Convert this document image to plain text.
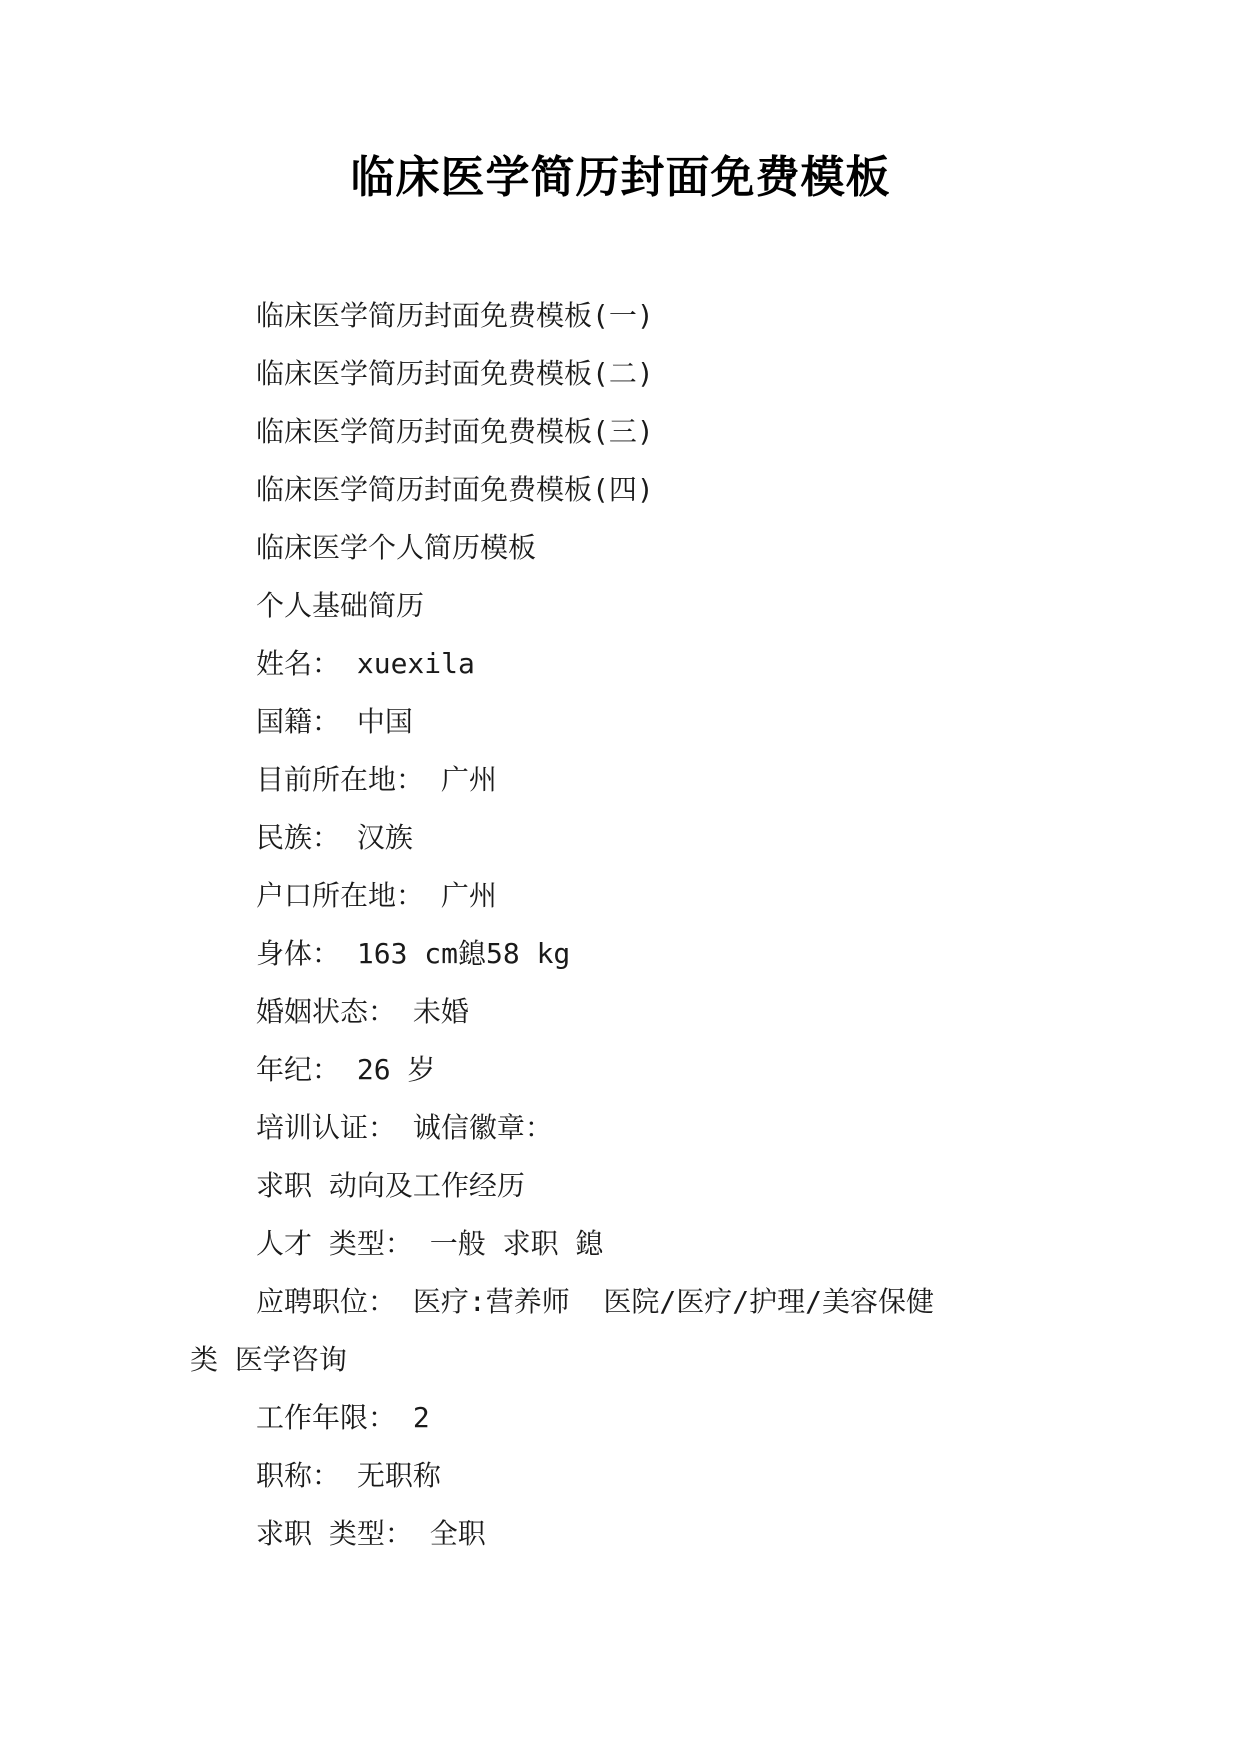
临床医学简历封面免费模板
临床医学简历封面免费模板(一)
临床医学简历封面免费模板(二)
临床医学简历封面免费模板(三)
临床医学简历封面免费模板(四)
临床医学个人简历模板
个人基础简历
姓名： xuexila
国籍： 中国
目前所在地： 广州
民族： 汉族
户口所在地： 广州
身体： 163 cm鎴58 kg
婚姻状态： 未婚
年纪： 26 岁
培训认证： 诚信徽章：
求职 动向及工作经历
人才 类型： 一般 求职 鎴
应聘职位： 医疗:营养师  医院/医疗/护理/美容保健
类 医学咨询
工作年限： 2
职称： 无职称
求职 类型： 全职
